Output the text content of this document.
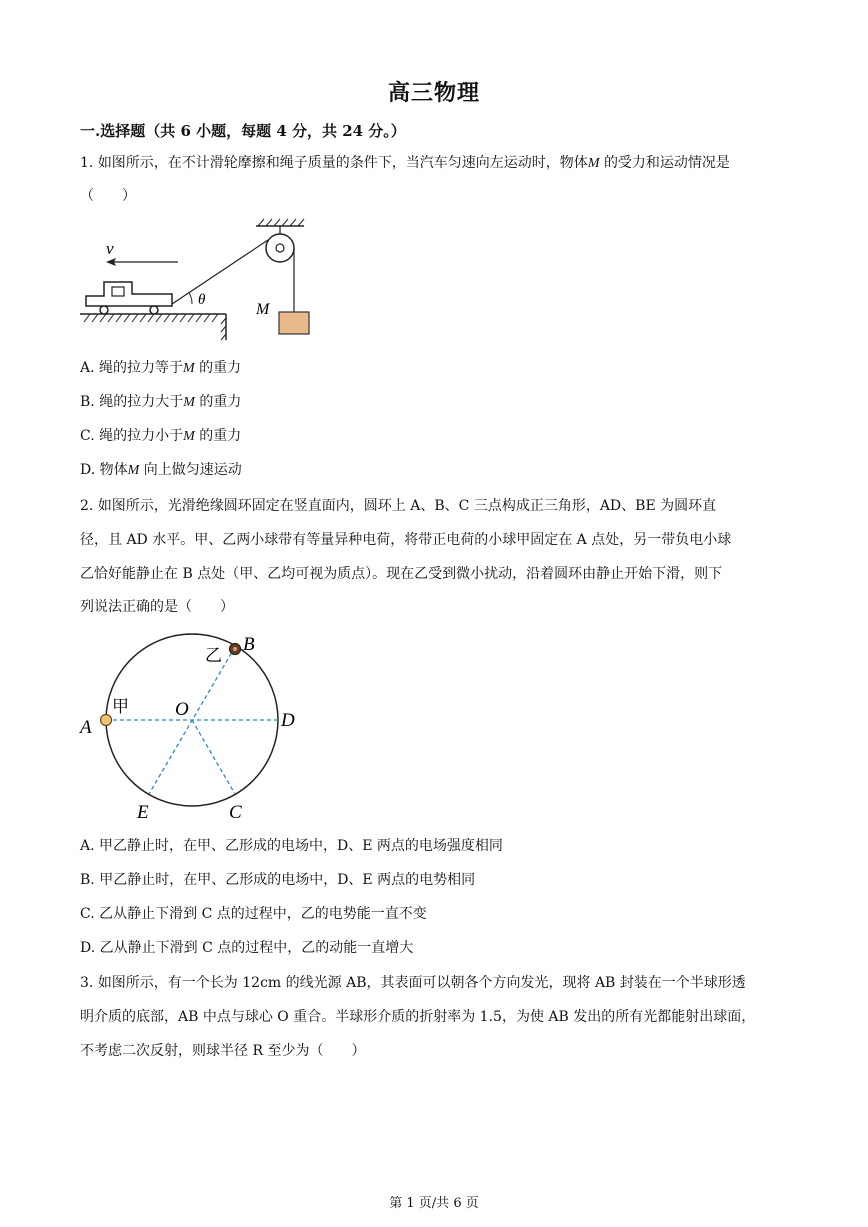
高三物理
一.选择题（共 6 小题，每题 4 分，共 24 分。）
1. 如图所示，在不计滑轮摩擦和绳子质量的条件下，当汽车匀速向左运动时，物体M 的受力和运动情况是
（　　）
v
θ
M
A. 绳的拉力等于M 的重力
B. 绳的拉力大于M 的重力
C. 绳的拉力小于M 的重力
D. 物体M 向上做匀速运动
2. 如图所示，光滑绝缘圆环固定在竖直面内，圆环上 A、B、C 三点构成正三角形，AD、BE 为圆环直
径，且 AD 水平。甲、乙两小球带有等量异种电荷，将带正电荷的小球甲固定在 A 点处，另一带负电小球
乙恰好能静止在 B 点处（甲、乙均可视为质点）。现在乙受到微小扰动，沿着圆环由静止开始下滑，则下
列说法正确的是（　　）
A
B
C
D
E
O
甲
乙
A. 甲乙静止时，在甲、乙形成的电场中，D、E 两点的电场强度相同
B. 甲乙静止时，在甲、乙形成的电场中，D、E 两点的电势相同
C. 乙从静止下滑到 C 点的过程中，乙的电势能一直不变
D. 乙从静止下滑到 C 点的过程中，乙的动能一直增大
3. 如图所示，有一个长为 12cm 的线光源 AB，其表面可以朝各个方向发光，现将 AB 封装在一个半球形透
明介质的底部，AB 中点与球心 O 重合。半球形介质的折射率为 1.5，为使 AB 发出的所有光都能射出球面，
不考虑二次反射，则球半径 R 至少为（　　）
第 1 页/共 6 页
